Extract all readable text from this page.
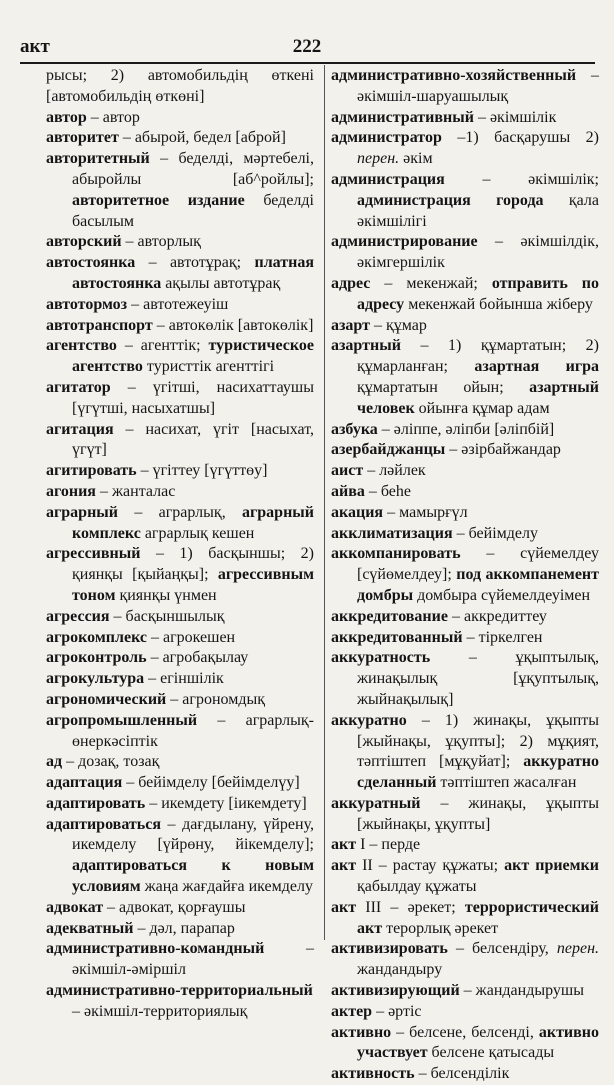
акт	222

рысы; 2) автомобильдің өткені [автомобильдің өткөні]

автор – автор

авторитет – абырой, бедел [аброй]

авторитетный – беделді, мәртебелі, абыройлы [аб^ройлы]; авторитетное издание беделді басылым

авторский – авторлық

автостоянка – автотұрақ; платная автостоянка ақылы автотұрақ

автотормоз – автотежеуіш

автотранспорт – автокөлік [автокөлік]

агентство – агенттік; туристическое агентство туристтік агенттігі

агитатор – үгітші, насихаттаушы [үгүтші, насыхатшы]

агитация – насихат, үгіт [насыхат, үгүт]

агитировать – үгіттеу [үгүттөу]

агония – жанталас

аграрный – аграрлық, аграрный комплекс аграрлық кешен

агрессивный – 1) басқыншы; 2) қиянқы [қыйаңқы]; агрессивным тоном қиянқы үнмен

агрессия – басқыншылық

агрокомплекс – агрокешен

агроконтроль – агробақылау

агрокультура – егіншілік

агрономический – агрономдық

агропромышленный – аграрлық-өнеркәсіптік

ад – дозақ, тозақ

адаптация – бейімделу [бейімделүу]

адаптировать – икемдету [іикемдету]

адаптироваться – дағдылану, үйрену, икемделу [үйрөну, йікемделу]; адаптироваться к новым условиям жаңа жағдайға икемделу

адвокат – адвокат, қорғаушы

адекватный – дәл, парапар

административно-командный – әкімшіл-әміршіл

административно-территориальный – әкімшіл-территориялық

административно-хозяйственный – әкімшіл-шаруашылық

административный – әкімшілік

администратор –1) басқарушы 2) перен. әкім

администрация – әкімшілік; администрация города қала әкімшілігі

администрирование – әкімшілдік, әкімгершілік

адрес – мекенжай; отправить по адресу мекенжай бойынша жіберу

азарт – құмар

азартный – 1) құмартатын; 2) құмарланған; азартная игра құмартатын ойын; азартный человек ойынға құмар адам

азбука – әліппе, әліпби [әліпбій]

азербайджанцы – әзірбайжандар

аист – ләйлек

айва – беһе

акация – мамырғүл

акклиматизация – бейімделу

аккомпанировать – сүйемелдеу [сүйөмелдеу]; под аккомпанемент домбры домбыра сүйемелдеуімен

аккредитование – аккредиттеу

аккредитованный – тіркелген

аккуратность – ұқыптылық, жинақылық [ұқуптылық, жыйнақылық]

аккуратно – 1) жинақы, ұқыпты [жыйнақы, ұқупты]; 2) мұқият, тәптіштеп [мұқуйат]; аккуратно сделанный тәптіштеп жасалған

аккуратный – жинақы, ұқыпты [жыйнақы, ұқупты]

акт I – перде

акт II – растау құжаты; акт приемки қабылдау құжаты

акт III – әрекет; террористический акт терорлық әрекет

активизировать – белсендіру, перен. жандандыру

активизирующий – жандандырушы

актер – әртіс

активно – белсене, белсенді, активно участвует белсене қатысады

активность – белсенділік
